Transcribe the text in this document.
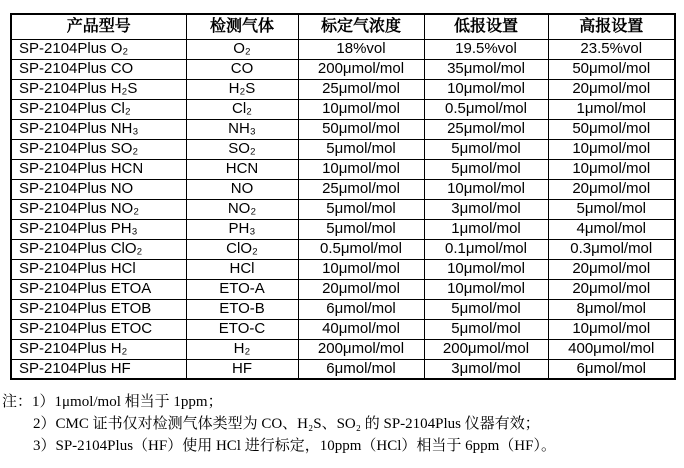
产品型号	检测气体	标定气浓度	低报设置	高报设置
SP-2104Plus O₂	O₂	18%vol	19.5%vol	23.5%vol
SP-2104Plus CO	CO	200μmol/mol	35μmol/mol	50μmol/mol
SP-2104Plus H₂S	H₂S	25μmol/mol	10μmol/mol	20μmol/mol
SP-2104Plus Cl₂	Cl₂	10μmol/mol	0.5μmol/mol	1μmol/mol
SP-2104Plus NH₃	NH₃	50μmol/mol	25μmol/mol	50μmol/mol
SP-2104Plus SO₂	SO₂	5μmol/mol	5μmol/mol	10μmol/mol
SP-2104Plus HCN	HCN	10μmol/mol	5μmol/mol	10μmol/mol
SP-2104Plus NO	NO	25μmol/mol	10μmol/mol	20μmol/mol
SP-2104Plus NO₂	NO₂	5μmol/mol	3μmol/mol	5μmol/mol
SP-2104Plus PH₃	PH₃	5μmol/mol	1μmol/mol	4μmol/mol
SP-2104Plus ClO₂	ClO₂	0.5μmol/mol	0.1μmol/mol	0.3μmol/mol
SP-2104Plus HCl	HCl	10μmol/mol	10μmol/mol	20μmol/mol
SP-2104Plus ETOA	ETO-A	20μmol/mol	10μmol/mol	20μmol/mol
SP-2104Plus ETOB	ETO-B	6μmol/mol	5μmol/mol	8μmol/mol
SP-2104Plus ETOC	ETO-C	40μmol/mol	5μmol/mol	10μmol/mol
SP-2104Plus H₂	H₂	200μmol/mol	200μmol/mol	400μmol/mol
SP-2104Plus HF	HF	6μmol/mol	3μmol/mol	6μmol/mol
注：1）1μmol/mol 相当于 1ppm；
2）CMC 证书仅对检测气体类型为 CO、H₂S、SO₂ 的 SP-2104Plus 仪器有效；
3）SP-2104Plus（HF）使用 HCl 进行标定，10ppm（HCl）相当于 6ppm（HF）。
